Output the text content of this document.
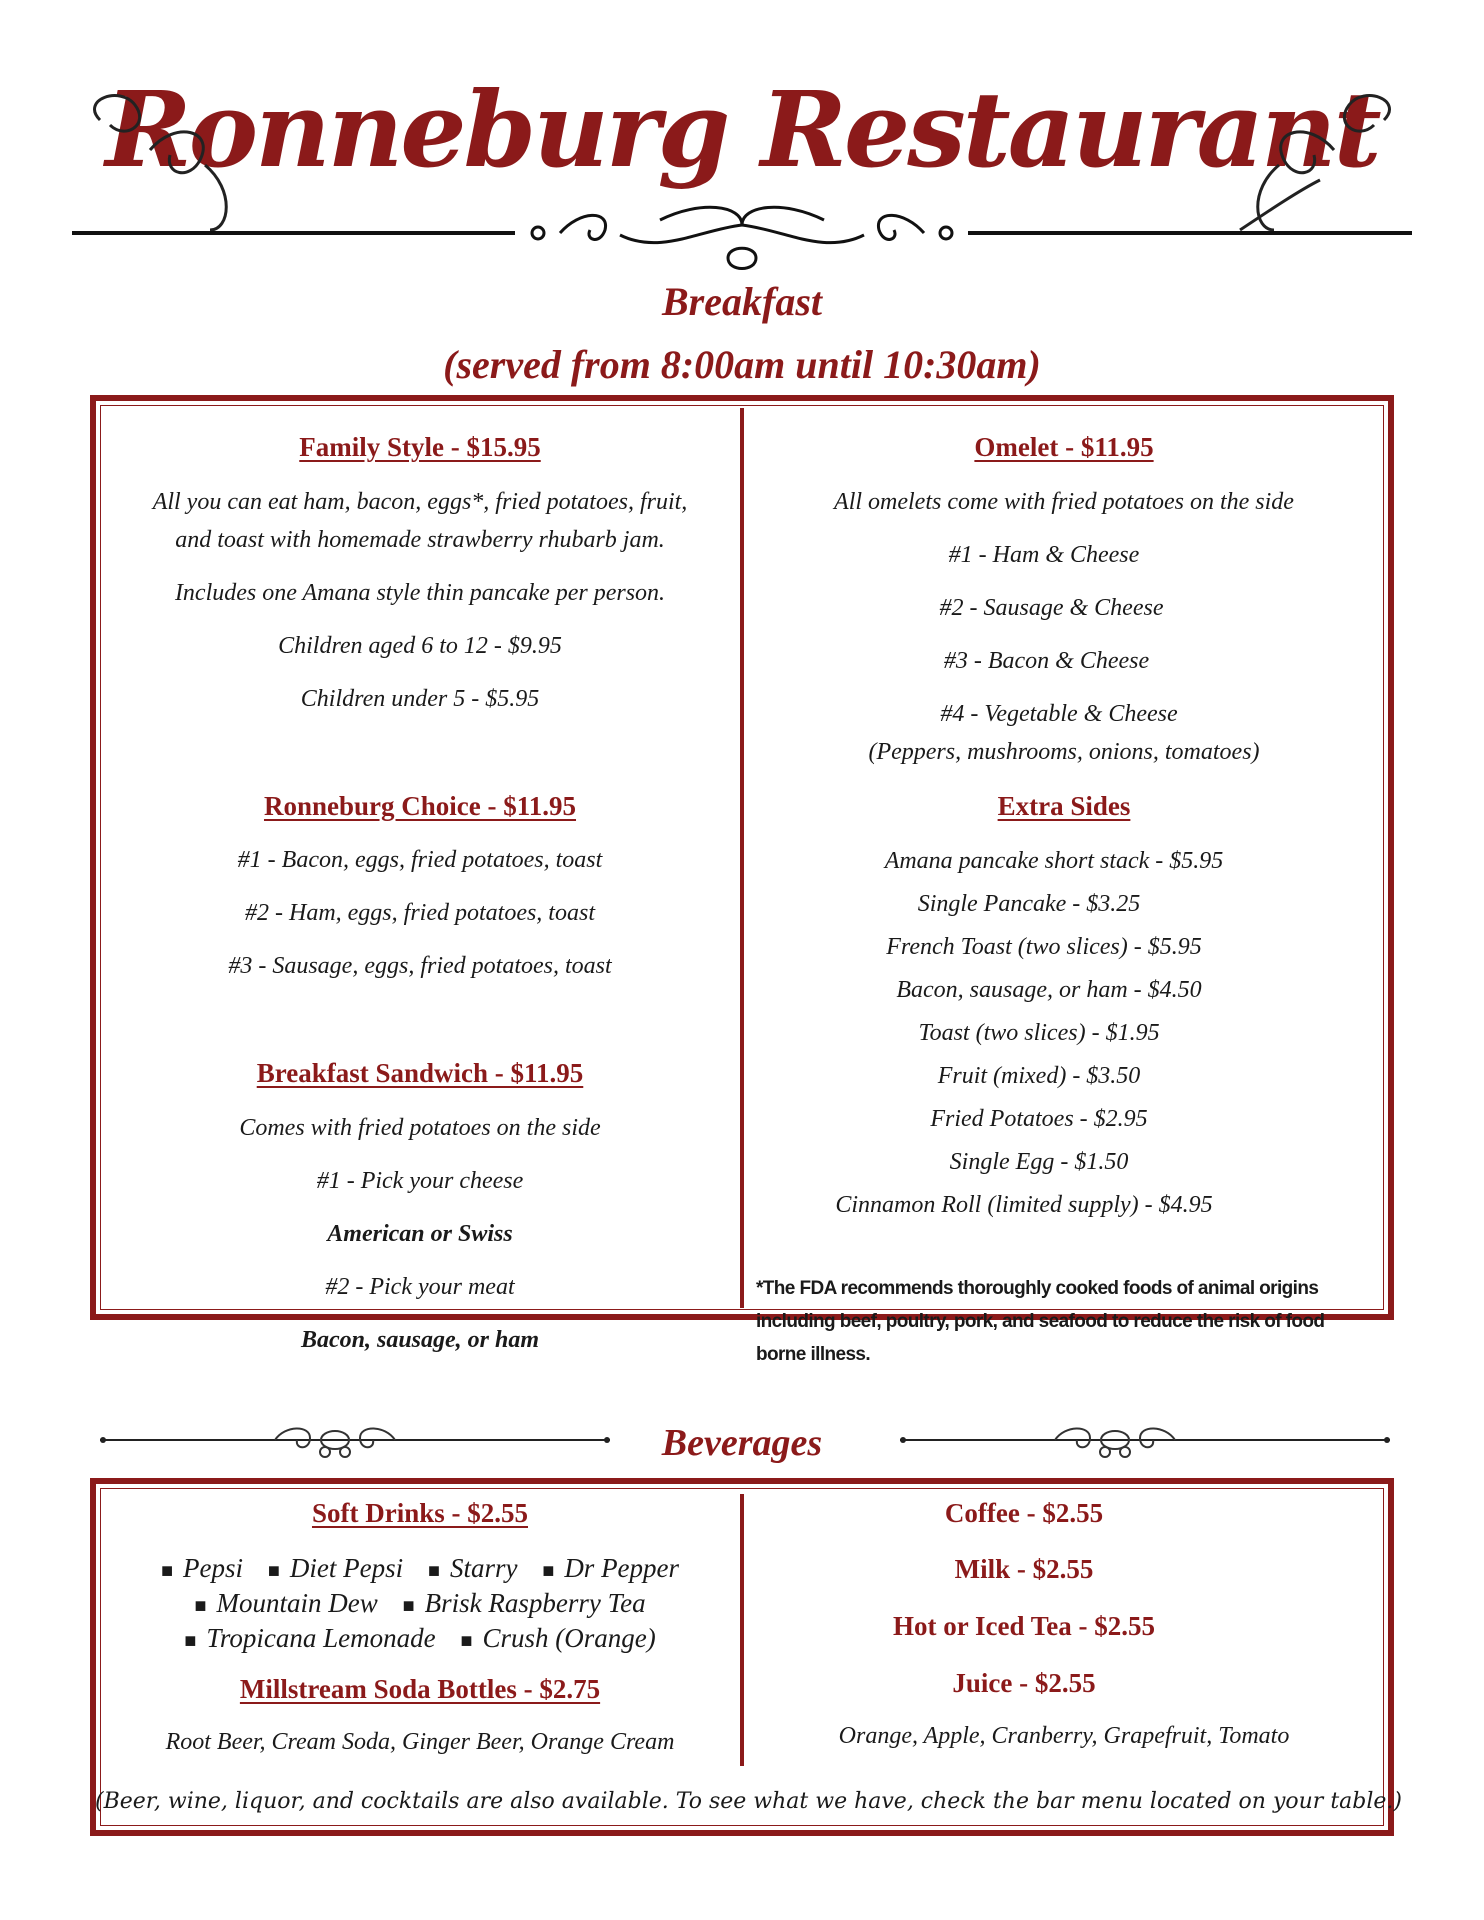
Ronneburg Restaurant
Breakfast
(served from 8:00am until 10:30am)
Family Style - $15.95
All you can eat ham, bacon, eggs*, fried potatoes, fruit,
and toast with homemade strawberry rhubarb jam.
Includes one Amana style thin pancake per person.
Children aged 6 to 12 - $9.95
Children under 5 - $5.95
Ronneburg Choice - $11.95
#1 - Bacon, eggs, fried potatoes, toast
#2 - Ham, eggs, fried potatoes, toast
#3 - Sausage, eggs, fried potatoes, toast
Breakfast Sandwich - $11.95
Comes with fried potatoes on the side
#1 - Pick your cheese
American or Swiss
#2 - Pick your meat
Bacon, sausage, or ham
Omelet - $11.95
All omelets come with fried potatoes on the side
#1 - Ham & Cheese
#2 - Sausage & Cheese
#3 - Bacon & Cheese
#4 - Vegetable & Cheese
(Peppers, mushrooms, onions, tomatoes)
Extra Sides
Amana pancake short stack - $5.95
Single Pancake - $3.25
French Toast (two slices) - $5.95
Bacon, sausage, or ham - $4.50
Toast (two slices) - $1.95
Fruit (mixed) - $3.50
Fried Potatoes - $2.95
Single Egg - $1.50
Cinnamon Roll (limited supply) - $4.95
*The FDA recommends thoroughly cooked foods of animal origins
including beef, poultry, pork, and seafood to reduce the risk of food
borne illness.
Beverages
Soft Drinks - $2.55
■ Pepsi ■ Diet Pepsi ■ Starry ■ Dr Pepper
■ Mountain Dew ■ Brisk Raspberry Tea
■ Tropicana Lemonade ■ Crush (Orange)
Millstream Soda Bottles - $2.75
Root Beer, Cream Soda, Ginger Beer, Orange Cream
Coffee - $2.55
Milk - $2.55
Hot or Iced Tea - $2.55
Juice - $2.55
Orange, Apple, Cranberry, Grapefruit, Tomato
(Beer, wine, liquor, and cocktails are also available. To see what we have, check the bar menu located on your table.)
